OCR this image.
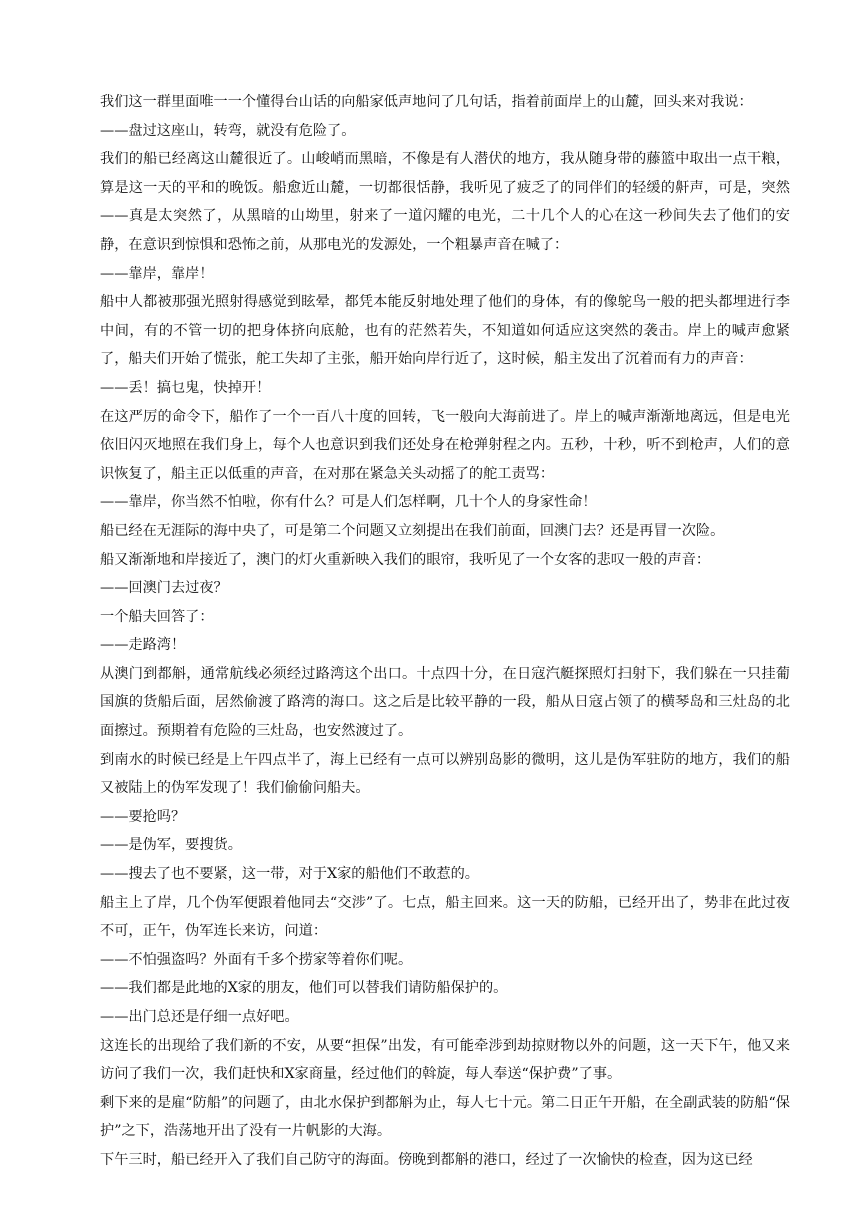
我们这一群里面唯一一个懂得台山话的向船家低声地问了几句话，指着前面岸上的山麓，回头来对我说：

——盘过这座山，转弯，就没有危险了。

我们的船已经离这山麓很近了。山峻峭而黑暗，不像是有人潜伏的地方，我从随身带的藤篮中取出一点干粮，算是这一天的平和的晚饭。船愈近山麓，一切都很恬静，我听见了疲乏了的同伴们的轻缓的鼾声，可是，突然——真是太突然了，从黑暗的山坳里，射来了一道闪耀的电光，二十几个人的心在这一秒间失去了他们的安静，在意识到惊惧和恐怖之前，从那电光的发源处，一个粗暴声音在喊了：

——靠岸，靠岸！

船中人都被那强光照射得感觉到眩晕，都凭本能反射地处理了他们的身体，有的像鸵鸟一般的把头都埋进行李中间，有的不管一切的把身体挤向底舱，也有的茫然若失，不知道如何适应这突然的袭击。岸上的喊声愈紧了，船夫们开始了慌张，舵工失却了主张，船开始向岸行近了，这时候，船主发出了沉着而有力的声音：

——丢！搞乜鬼，快掉开！

在这严厉的命令下，船作了一个一百八十度的回转，飞一般向大海前进了。岸上的喊声渐渐地离远，但是电光依旧闪灭地照在我们身上，每个人也意识到我们还处身在枪弹射程之内。五秒，十秒，听不到枪声，人们的意识恢复了，船主正以低重的声音，在对那在紧急关头动摇了的舵工责骂：

——靠岸，你当然不怕啦，你有什么？可是人们怎样啊，几十个人的身家性命！

船已经在无涯际的海中央了，可是第二个问题又立刻提出在我们前面，回澳门去？还是再冒一次险。

船又渐渐地和岸接近了，澳门的灯火重新映入我们的眼帘，我听见了一个女客的悲叹一般的声音：

——回澳门去过夜？

一个船夫回答了：

——走路湾！

从澳门到都斛，通常航线必须经过路湾这个出口。十点四十分，在日寇汽艇探照灯扫射下，我们躲在一只挂葡国旗的货船后面，居然偷渡了路湾的海口。这之后是比较平静的一段，船从日寇占领了的横琴岛和三灶岛的北面擦过。预期着有危险的三灶岛，也安然渡过了。

到南水的时候已经是上午四点半了，海上已经有一点可以辨别岛影的微明，这儿是伪军驻防的地方，我们的船又被陆上的伪军发现了！我们偷偷问船夫。

——要抢吗？

——是伪军，要搜货。

——搜去了也不要紧，这一带，对于X家的船他们不敢惹的。

船主上了岸，几个伪军便跟着他同去“交涉”了。七点，船主回来。这一天的防船，已经开出了，势非在此过夜不可，正午，伪军连长来访，问道：

——不怕强盗吗？外面有千多个捞家等着你们呢。

——我们都是此地的X家的朋友，他们可以替我们请防船保护的。

——出门总还是仔细一点好吧。

这连长的出现给了我们新的不安，从要“担保”出发，有可能牵涉到劫掠财物以外的问题，这一天下午，他又来访问了我们一次，我们赶快和X家商量，经过他们的斡旋，每人奉送“保护费”了事。

剩下来的是雇“防船”的问题了，由北水保护到都斛为止，每人七十元。第二日正午开船，在全副武装的防船“保护”之下，浩荡地开出了没有一片帆影的大海。

下午三时，船已经开入了我们自己防守的海面。傍晚到都斛的港口，经过了一次愉快的检查，因为这已经
